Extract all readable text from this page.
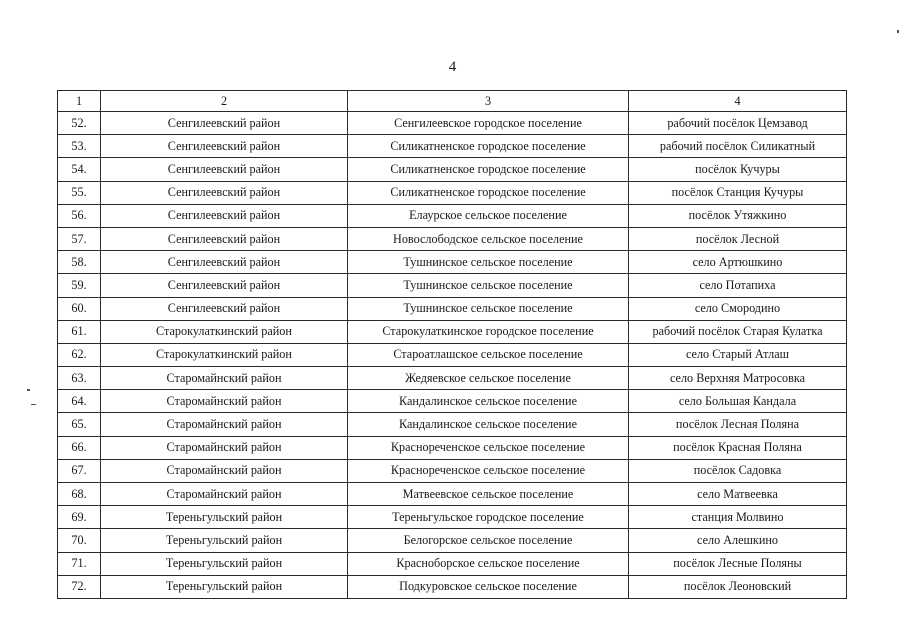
4
1	2	3	4
52.	Сенгилеевский район	Сенгилеевское городское поселение	рабочий посёлок Цемзавод
53.	Сенгилеевский район	Силикатненское городское поселение	рабочий посёлок Силикатный
54.	Сенгилеевский район	Силикатненское городское поселение	посёлок Кучуры
55.	Сенгилеевский район	Силикатненское городское поселение	посёлок Станция Кучуры
56.	Сенгилеевский район	Елаурское сельское поселение	посёлок Утяжкино
57.	Сенгилеевский район	Новослободское сельское поселение	посёлок Лесной
58.	Сенгилеевский район	Тушнинское сельское поселение	село Артюшкино
59.	Сенгилеевский район	Тушнинское сельское поселение	село Потапиха
60.	Сенгилеевский район	Тушнинское сельское поселение	село Смородино
61.	Старокулаткинский район	Старокулаткинское городское поселение	рабочий посёлок Старая Кулатка
62.	Старокулаткинский район	Староатлашское сельское поселение	село Старый Атлаш
63.	Старомайнский район	Жедяевское сельское поселение	село Верхняя Матросовка
64.	Старомайнский район	Кандалинское сельское поселение	село Большая Кандала
65.	Старомайнский район	Кандалинское сельское поселение	посёлок Лесная Поляна
66.	Старомайнский район	Краснореченское сельское поселение	посёлок Красная Поляна
67.	Старомайнский район	Краснореченское сельское поселение	посёлок Садовка
68.	Старомайнский район	Матвеевское сельское поселение	село Матвеевка
69.	Тереньгульский район	Тереньгульское городское поселение	станция Молвино
70.	Тереньгульский район	Белогорское сельское поселение	село Алешкино
71.	Тереньгульский район	Красноборское сельское поселение	посёлок Лесные Поляны
72.	Тереньгульский район	Подкуровское сельское поселение	посёлок Леоновский
